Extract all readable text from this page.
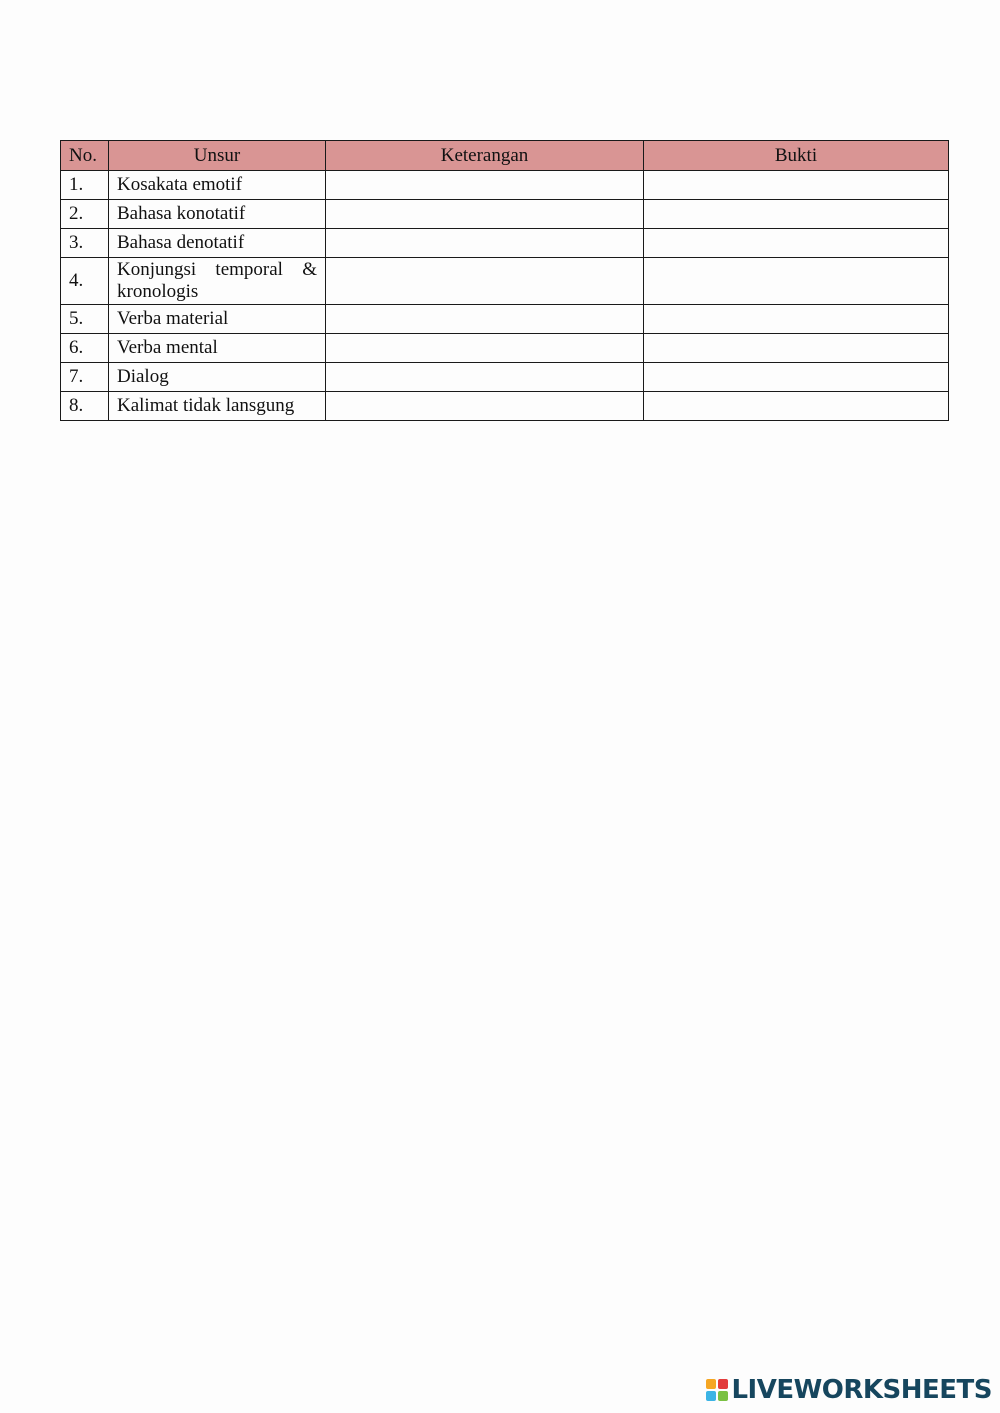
No.	Unsur	Keterangan	Bukti
1.	Kosakata emotif		
2.	Bahasa konotatif		
3.	Bahasa denotatif		
4.	Konjungsi temporal & kronologis		
5.	Verba material		
6.	Verba mental		
7.	Dialog		
8.	Kalimat tidak lansgung		
LIVEWORKSHEETS
